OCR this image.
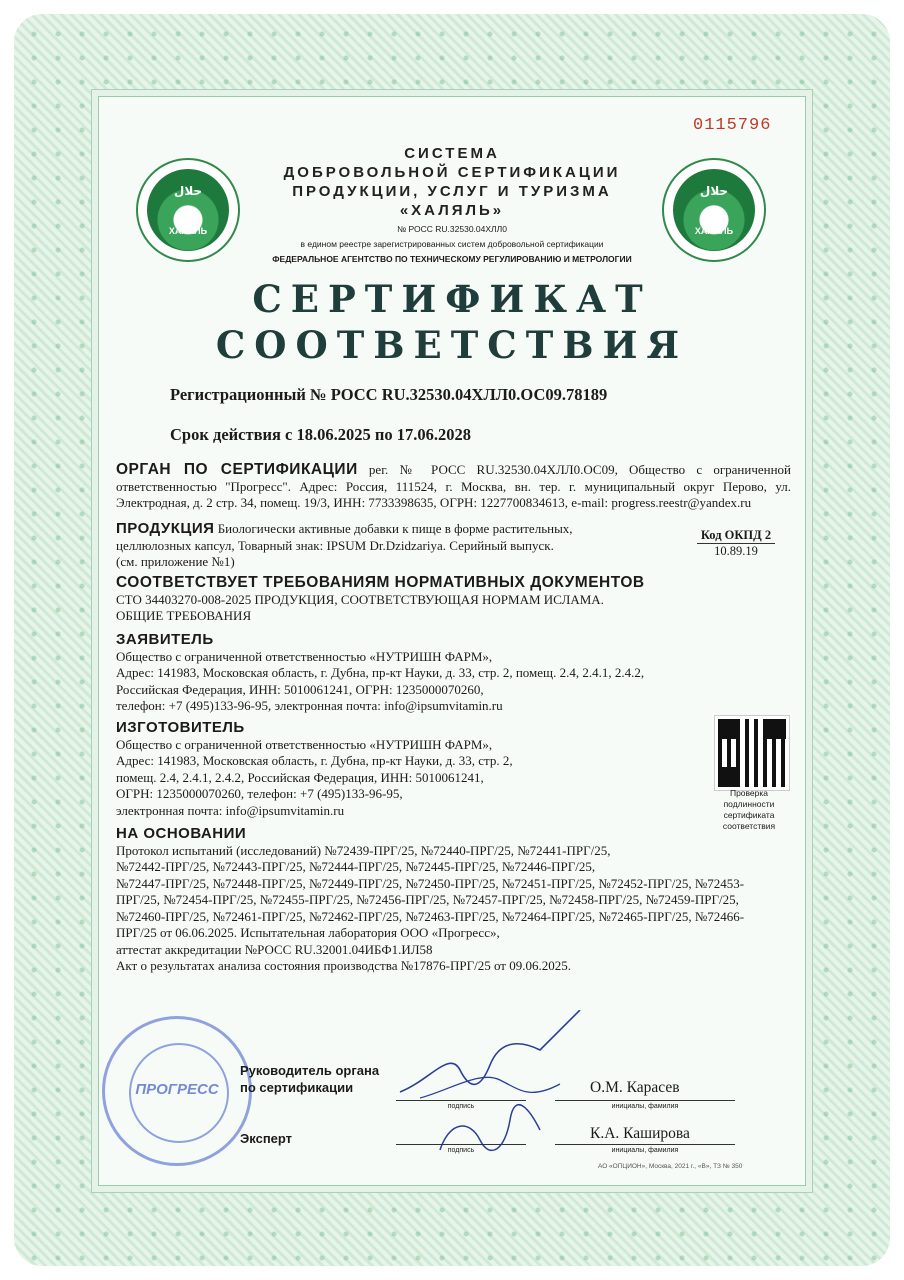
0115796
حلال
ХАЛЯЛЬ
حلال
ХАЛЯЛЬ
СИСТЕМА
ДОБРОВОЛЬНОЙ СЕРТИФИКАЦИИ
ПРОДУКЦИИ, УСЛУГ И ТУРИЗМА
«ХАЛЯЛЬ»
№ РОСС RU.32530.04ХЛЛ0
в едином реестре зарегистрированных систем добровольной сертификации
ФЕДЕРАЛЬНОЕ АГЕНТСТВО ПО ТЕХНИЧЕСКОМУ РЕГУЛИРОВАНИЮ И МЕТРОЛОГИИ
СЕРТИФИКАТ
СООТВЕТСТВИЯ
Регистрационный № РОСС RU.32530.04ХЛЛ0.ОС09.78189
Срок действия с 18.06.2025 по 17.06.2028
ОРГАН ПО СЕРТИФИКАЦИИ рег. № РОСС RU.32530.04ХЛЛ0.ОС09, Общество с ограниченной ответственностью "Прогресс". Адрес: Россия, 111524, г. Москва, вн. тер. г. муниципальный округ Перово, ул. Электродная, д. 2 стр. 34, помещ. 19/3, ИНН: 7733398635, ОГРН: 1227700834613, e-mail: progress.reestr@yandex.ru
ПРОДУКЦИЯ Биологически активные добавки к пище в форме растительных,
целлюлозных капсул, Товарный знак: IPSUM Dr.Dzidzariya. Серийный выпуск.
(см. приложение №1)
Код ОКПД 2
10.89.19
СООТВЕТСТВУЕТ ТРЕБОВАНИЯМ НОРМАТИВНЫХ ДОКУМЕНТОВ
СТО 34403270-008-2025 ПРОДУКЦИЯ, СООТВЕТСТВУЮЩАЯ НОРМАМ ИСЛАМА.
ОБЩИЕ ТРЕБОВАНИЯ
ЗАЯВИТЕЛЬ
Общество с ограниченной ответственностью «НУТРИШН ФАРМ»,
Адрес: 141983, Московская область, г. Дубна, пр-кт Науки, д. 33, стр. 2, помещ. 2.4, 2.4.1, 2.4.2,
Российская Федерация, ИНН: 5010061241, ОГРН: 1235000070260,
телефон: +7 (495)133-96-95, электронная почта: info@ipsumvitamin.ru
ИЗГОТОВИТЕЛЬ
Общество с ограниченной ответственностью «НУТРИШН ФАРМ»,
Адрес: 141983, Московская область, г. Дубна, пр-кт Науки, д. 33, стр. 2,
помещ. 2.4, 2.4.1, 2.4.2, Российская Федерация, ИНН: 5010061241,
ОГРН: 1235000070260, телефон: +7 (495)133-96-95,
электронная почта: info@ipsumvitamin.ru
Проверка
подлинности
сертификата
соответствия
НА ОСНОВАНИИ
Протокол испытаний (исследований) №72439-ПРГ/25, №72440-ПРГ/25, №72441-ПРГ/25,
№72442-ПРГ/25, №72443-ПРГ/25, №72444-ПРГ/25, №72445-ПРГ/25, №72446-ПРГ/25,
№72447-ПРГ/25, №72448-ПРГ/25, №72449-ПРГ/25, №72450-ПРГ/25, №72451-ПРГ/25, №72452-ПРГ/25, №72453-
ПРГ/25, №72454-ПРГ/25, №72455-ПРГ/25, №72456-ПРГ/25, №72457-ПРГ/25, №72458-ПРГ/25, №72459-ПРГ/25,
№72460-ПРГ/25, №72461-ПРГ/25, №72462-ПРГ/25, №72463-ПРГ/25, №72464-ПРГ/25, №72465-ПРГ/25, №72466-
ПРГ/25 от 06.06.2025. Испытательная лаборатория ООО «Прогресс»,
аттестат аккредитации №РОСС RU.32001.04ИБФ1.ИЛ58
Акт о результатах анализа состояния производства №17876-ПРГ/25 от 09.06.2025.
ПРОГРЕСС
Руководитель органа
по сертификации
Эксперт
подпись	инициалы, фамилия
подпись	инициалы, фамилия
О.М. Карасев
К.А. Каширова
АО «ОПЦИОН», Москва, 2021 г., «В», ТЗ № 350
